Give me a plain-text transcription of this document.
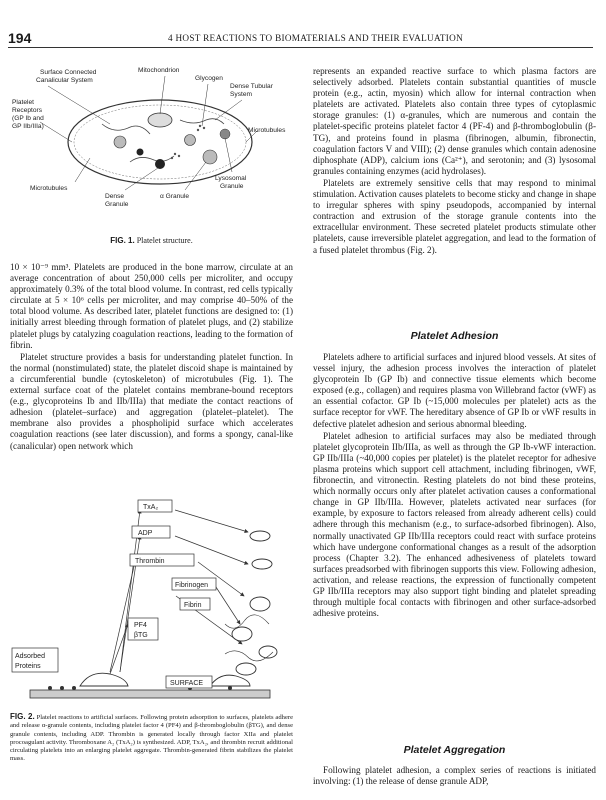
194	4 HOST REACTIONS TO BIOMATERIALS AND THEIR EVALUATION
Surface Connected
Canalicular System
Mitochondrion
Glycogen
Dense Tubular
System
Platelet
Receptors
(GP Ib and
GP IIb/IIIa)
Microtubules
Lysosomal
Granule
Microtubules
Dense
Granule
α Granule
FIG. 1. Platelet structure.

10 × 10⁻⁹ mm³. Platelets are produced in the bone marrow, circulate at an average concentration of about 250,000 cells per microliter, and occupy approximately 0.3% of the total blood volume. In contrast, red cells typically circulate at 5 × 10⁶ cells per microliter, and may comprise 40–50% of the total blood volume. As described later, platelet functions are designed to: (1) initially arrest bleeding through formation of platelet plugs, and (2) stabilize platelet plugs by catalyzing coagulation reactions, leading to the formation of fibrin.

Platelet structure provides a basis for understanding platelet function. In the normal (nonstimulated) state, the platelet discoid shape is maintained by a circumferential bundle (cytoskeleton) of microtubules (Fig. 1). The external surface coat of the platelet contains membrane-bound receptors (e.g., glycoproteins Ib and IIb/IIIa) that mediate the contact reactions of adhesion (platelet–surface) and aggregation (platelet–platelet). The membrane also provides a phospholipid surface which accelerates coagulation reactions (see later discussion), and forms a spongy, canal-like (canalicular) open network which

TxA₂
ADP
Thrombin
Fibrinogen
Fibrin
PF4
βTG
Adsorbed
Proteins
SURFACE
FIG. 2. Platelet reactions to artificial surfaces. Following protein adsorption to surfaces, platelets adhere and release α-granule contents, including platelet factor 4 (PF4) and β-thromboglobulin (βTG), and dense granule contents, including ADP. Thrombin is generated locally through factor XIIa and platelet procoagulant activity. Thromboxane A₂ (TxA₂) is synthesized. ADP, TxA₂, and thrombin recruit additional circulating platelets into an enlarging platelet aggregate. Thrombin-generated fibrin stabilizes the platelet mass.

represents an expanded reactive surface to which plasma factors are selectively adsorbed. Platelets contain substantial quantities of muscle protein (e.g., actin, myosin) which allow for internal contraction when platelets are activated. Platelets also contain three types of cytoplasmic storage granules: (1) α-granules, which are numerous and contain the platelet-specific proteins platelet factor 4 (PF-4) and β-thromboglobulin (β-TG), and proteins found in plasma (fibrinogen, albumin, fibronectin, coagulation factors V and VIII); (2) dense granules which contain adenosine diphosphate (ADP), calcium ions (Ca²⁺), and serotonin; and (3) lysosomal granules containing enzymes (acid hydrolases).

Platelets are extremely sensitive cells that may respond to minimal stimulation. Activation causes platelets to become sticky and change in shape to irregular spheres with spiny pseudopods, accompanied by internal contraction and extrusion of the storage granule contents into the extracellular environment. These secreted platelet products stimulate other platelets, cause irreversible platelet aggregation, and lead to the formation of a fused platelet thrombus (Fig. 2).

Platelet Adhesion

Platelets adhere to artificial surfaces and injured blood vessels. At sites of vessel injury, the adhesion process involves the interaction of platelet glycoprotein Ib (GP Ib) and connective tissue elements which become exposed (e.g., collagen) and requires plasma von Willebrand factor (vWF) as an essential cofactor. GP Ib (~15,000 molecules per platelet) acts as the surface receptor for vWF. The hereditary absence of GP Ib or vWF results in defective platelet adhesion and serious abnormal bleeding.

Platelet adhesion to artificial surfaces may also be mediated through platelet glycoprotein IIb/IIIa, as well as through the GP Ib-vWF interaction. GP IIb/IIIa (~40,000 copies per platelet) is the platelet receptor for adhesive plasma proteins which support cell attachment, including fibrinogen, vWF, fibronectin, and vitronectin. Resting platelets do not bind these proteins, which normally occurs only after platelet activation causes a conformational change in GP IIb/IIIa. However, platelets activated near surfaces (for example, by exposure to factors released from already adherent cells) could adhere through this mechanism (e.g., to surface-adsorbed fibrinogen). Also, normally unactivated GP IIb/IIIa receptors could react with surface proteins which have undergone conformational changes as a result of the adsorption process (Chapter 3.2). The enhanced adhesiveness of platelets toward surfaces preadsorbed with fibrinogen supports this view. Following adhesion, activation, and release reactions, the expression of functionally competent GP IIb/IIIa receptors may also support tight binding and platelet spreading through multiple focal contacts with fibrinogen and other surface-adsorbed adhesive proteins.

Platelet Aggregation

Following platelet adhesion, a complex series of reactions is initiated involving: (1) the release of dense granule ADP,
